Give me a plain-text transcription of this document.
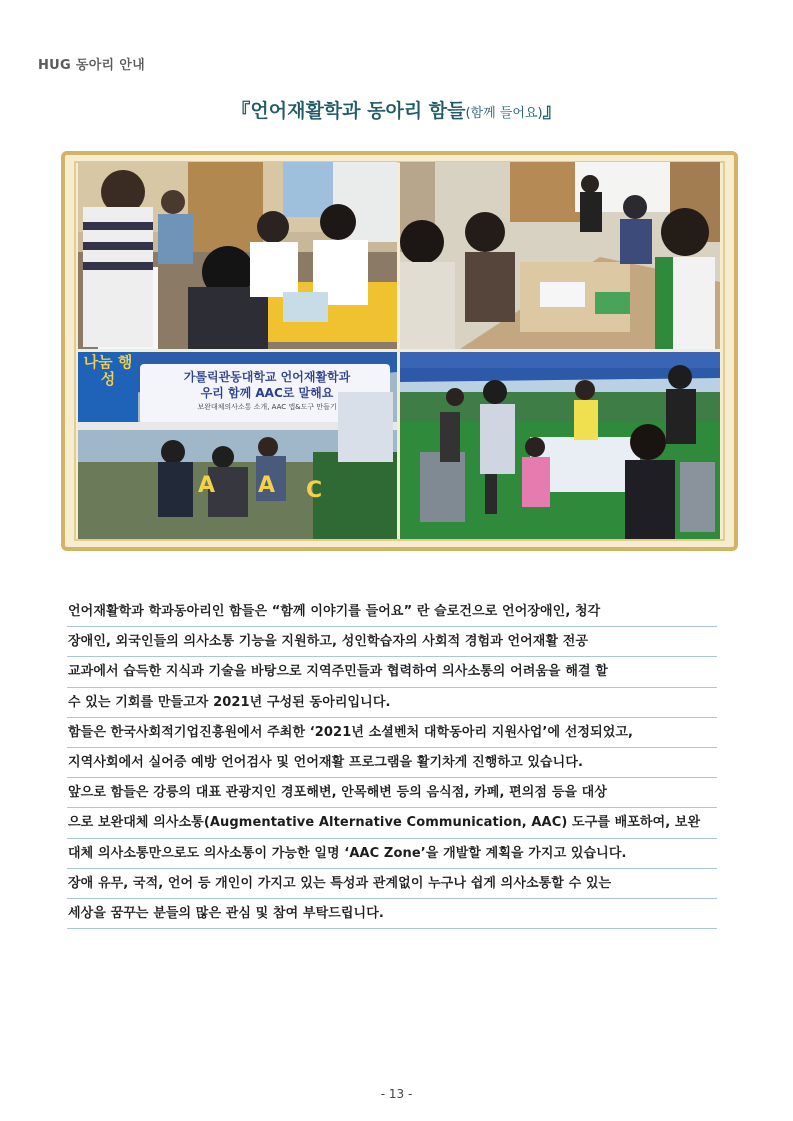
HUG 동아리 안내
『언어재활학과 동아리 함들(함께 들어요)』
A A C
나눔 행성	가톨릭관동대학교 언어재활학과
우리 함께 AAC로 말해요
보완대체의사소통 소개, AAC 앱&도구 만들기
언어재활학과 학과동아리인 함들은 “함께 이야기를 들어요” 란 슬로건으로 언어장애인, 청각
장애인, 외국인들의 의사소통 기능을 지원하고, 성인학습자의 사회적 경험과 언어재활 전공
교과에서 습득한 지식과 기술을 바탕으로 지역주민들과 협력하여 의사소통의 어려움을 해결 할
수 있는 기회를 만들고자 2021년 구성된 동아리입니다.
함들은 한국사회적기업진흥원에서 주최한 ‘2021년 소셜벤처 대학동아리 지원사업’에 선정되었고,
지역사회에서 실어증 예방 언어검사 및 언어재활 프로그램을 활기차게 진행하고 있습니다.
앞으로 함들은 강릉의 대표 관광지인 경포해변, 안목해변 등의 음식점, 카페, 편의점 등을 대상
으로 보완대체 의사소통(Augmentative Alternative Communication, AAC) 도구를 배포하여, 보완
대체 의사소통만으로도 의사소통이 가능한 일명 ‘AAC Zone’을 개발할 계획을 가지고 있습니다.
장애 유무, 국적, 언어 등 개인이 가지고 있는 특성과 관계없이 누구나 쉽게 의사소통할 수 있는
세상을 꿈꾸는 분들의 많은 관심 및 참여 부탁드립니다.
- 13 -
